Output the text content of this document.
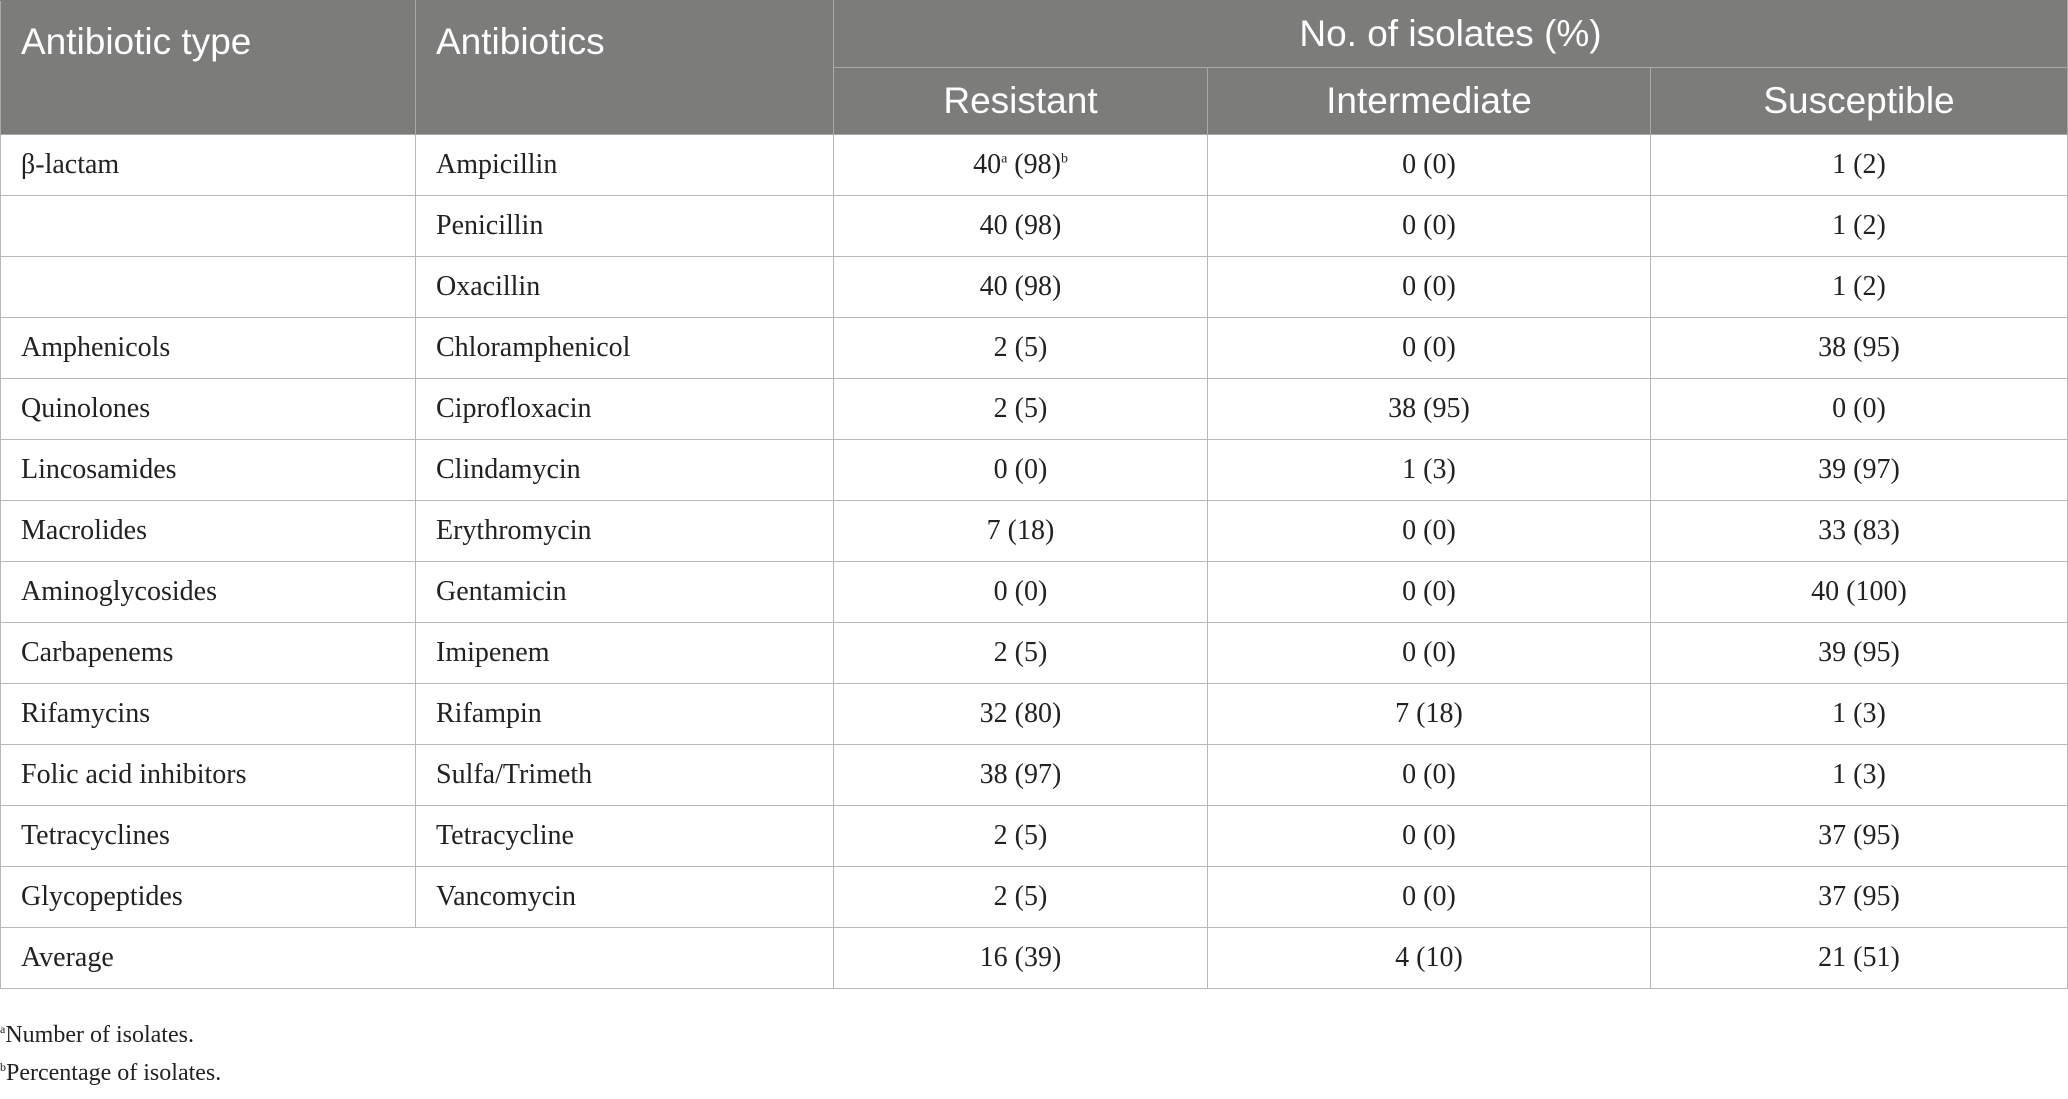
Antibiotic type	Antibiotics	No. of isolates (%)		
		Resistant	Intermediate	Susceptible
β-lactam	Ampicillin	40$^a$ $(98)^b$	0 (0)	1 (2)
	Penicillin	40 (98)	0 (0)	1 (2)
	Oxacillin	40 (98)	0 (0)	1 (2)
Amphenicols	Chloramphenicol	2 (5)	0 (0)	38 (95)
Quinolones	Ciprofloxacin	2 (5)	38 (95)	0 (0)
Lincosamides	Clindamycin	0 (0)	1 (3)	39 (97)
Macrolides	Erythromycin	7 (18)	0 (0)	33 (83)
Aminoglycosides	Gentamicin	0 (0)	0 (0)	40 (100)
Carbapenems	Imipenem	2 (5)	0 (0)	39 (95)
Rifamycins	Rifampin	32 (80)	7 (18)	1 (3)
Folic acid inhibitors	Sulfa/Trimeth	38 (97)	0 (0)	1 (3)
Tetracyclines	Tetracycline	2 (5)	0 (0)	37 (95)
Glycopeptides	Vancomycin	2 (5)	0 (0)	37 (95)
Average		16 (39)	4 (10)	21 (51)
$^a$Number of isolates.
$^b$Percentage of isolates.
